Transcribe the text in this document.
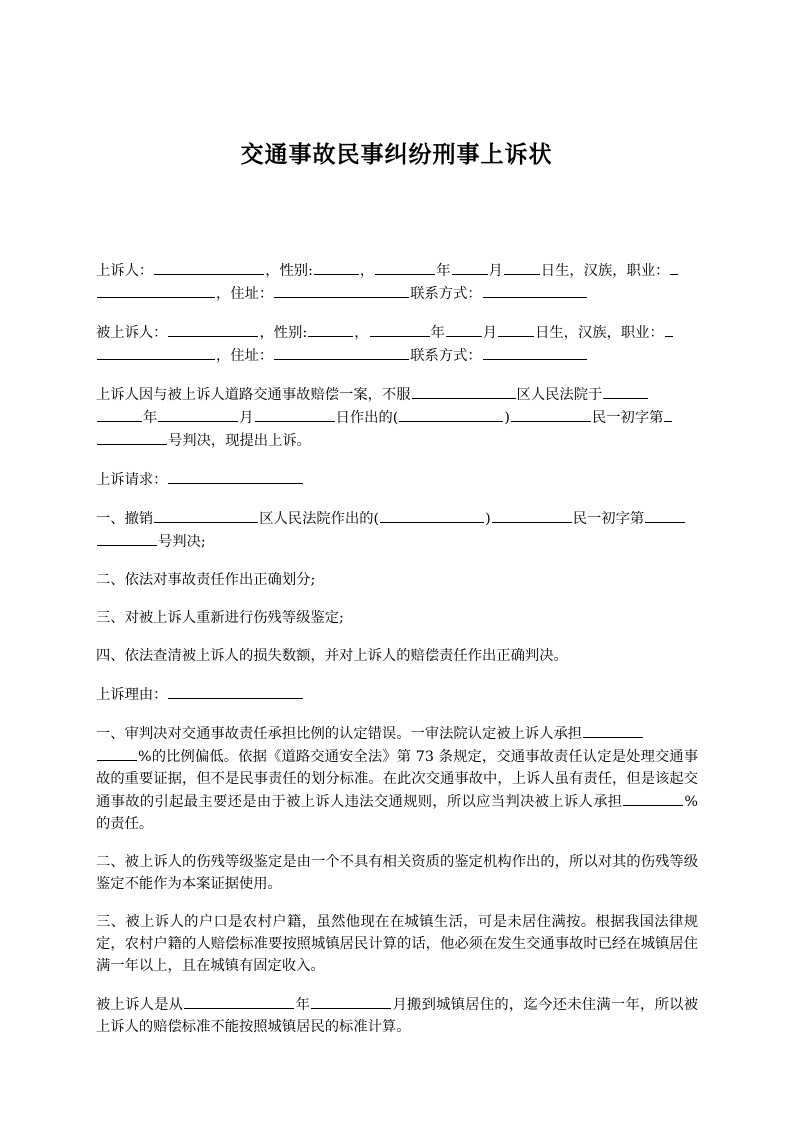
交通事故民事纠纷刑事上诉状

上诉人：	，性别:	，	年	月	日生，汉族，职业：
，住址：	联系方式：

被上诉人：	，性别:	，	年	月	日生，汉族，职业：
，住址：	联系方式：

上诉人因与被上诉人道路交通事故赔偿一案，不服	区人民法院于
年	月	日作出的(	)	民一初字第
号判决，现提出上诉。

上诉请求：

一、撤销	区人民法院作出的(	)	民一初字第
号判决;

二、依法对事故责任作出正确划分;

三、对被上诉人重新进行伤残等级鉴定;

四、依法查清被上诉人的损失数额，并对上诉人的赔偿责任作出正确判决。

上诉理由：

一、审判决对交通事故责任承担比例的认定错误。一审法院认定被上诉人承担
%的比例偏低。依据《道路交通安全法》第 73 条规定，交通事故责任认定是处理交通事故的重要证据，但不是民事责任的划分标准。在此次交通事故中，上诉人虽有责任，但是该起交通事故的引起最主要还是由于被上诉人违法交通规则，所以应当判决被上诉人承担	%的责任。

二、被上诉人的伤残等级鉴定是由一个不具有相关资质的鉴定机构作出的，所以对其的伤残等级鉴定不能作为本案证据使用。

三、被上诉人的户口是农村户籍，虽然他现在在城镇生活，可是未居住满按。根据我国法律规定，农村户籍的人赔偿标准要按照城镇居民计算的话，他必须在发生交通事故时已经在城镇居住满一年以上，且在城镇有固定收入。

被上诉人是从	年	月搬到城镇居住的，迄今还未住满一年，所以被上诉人的赔偿标准不能按照城镇居民的标准计算。
